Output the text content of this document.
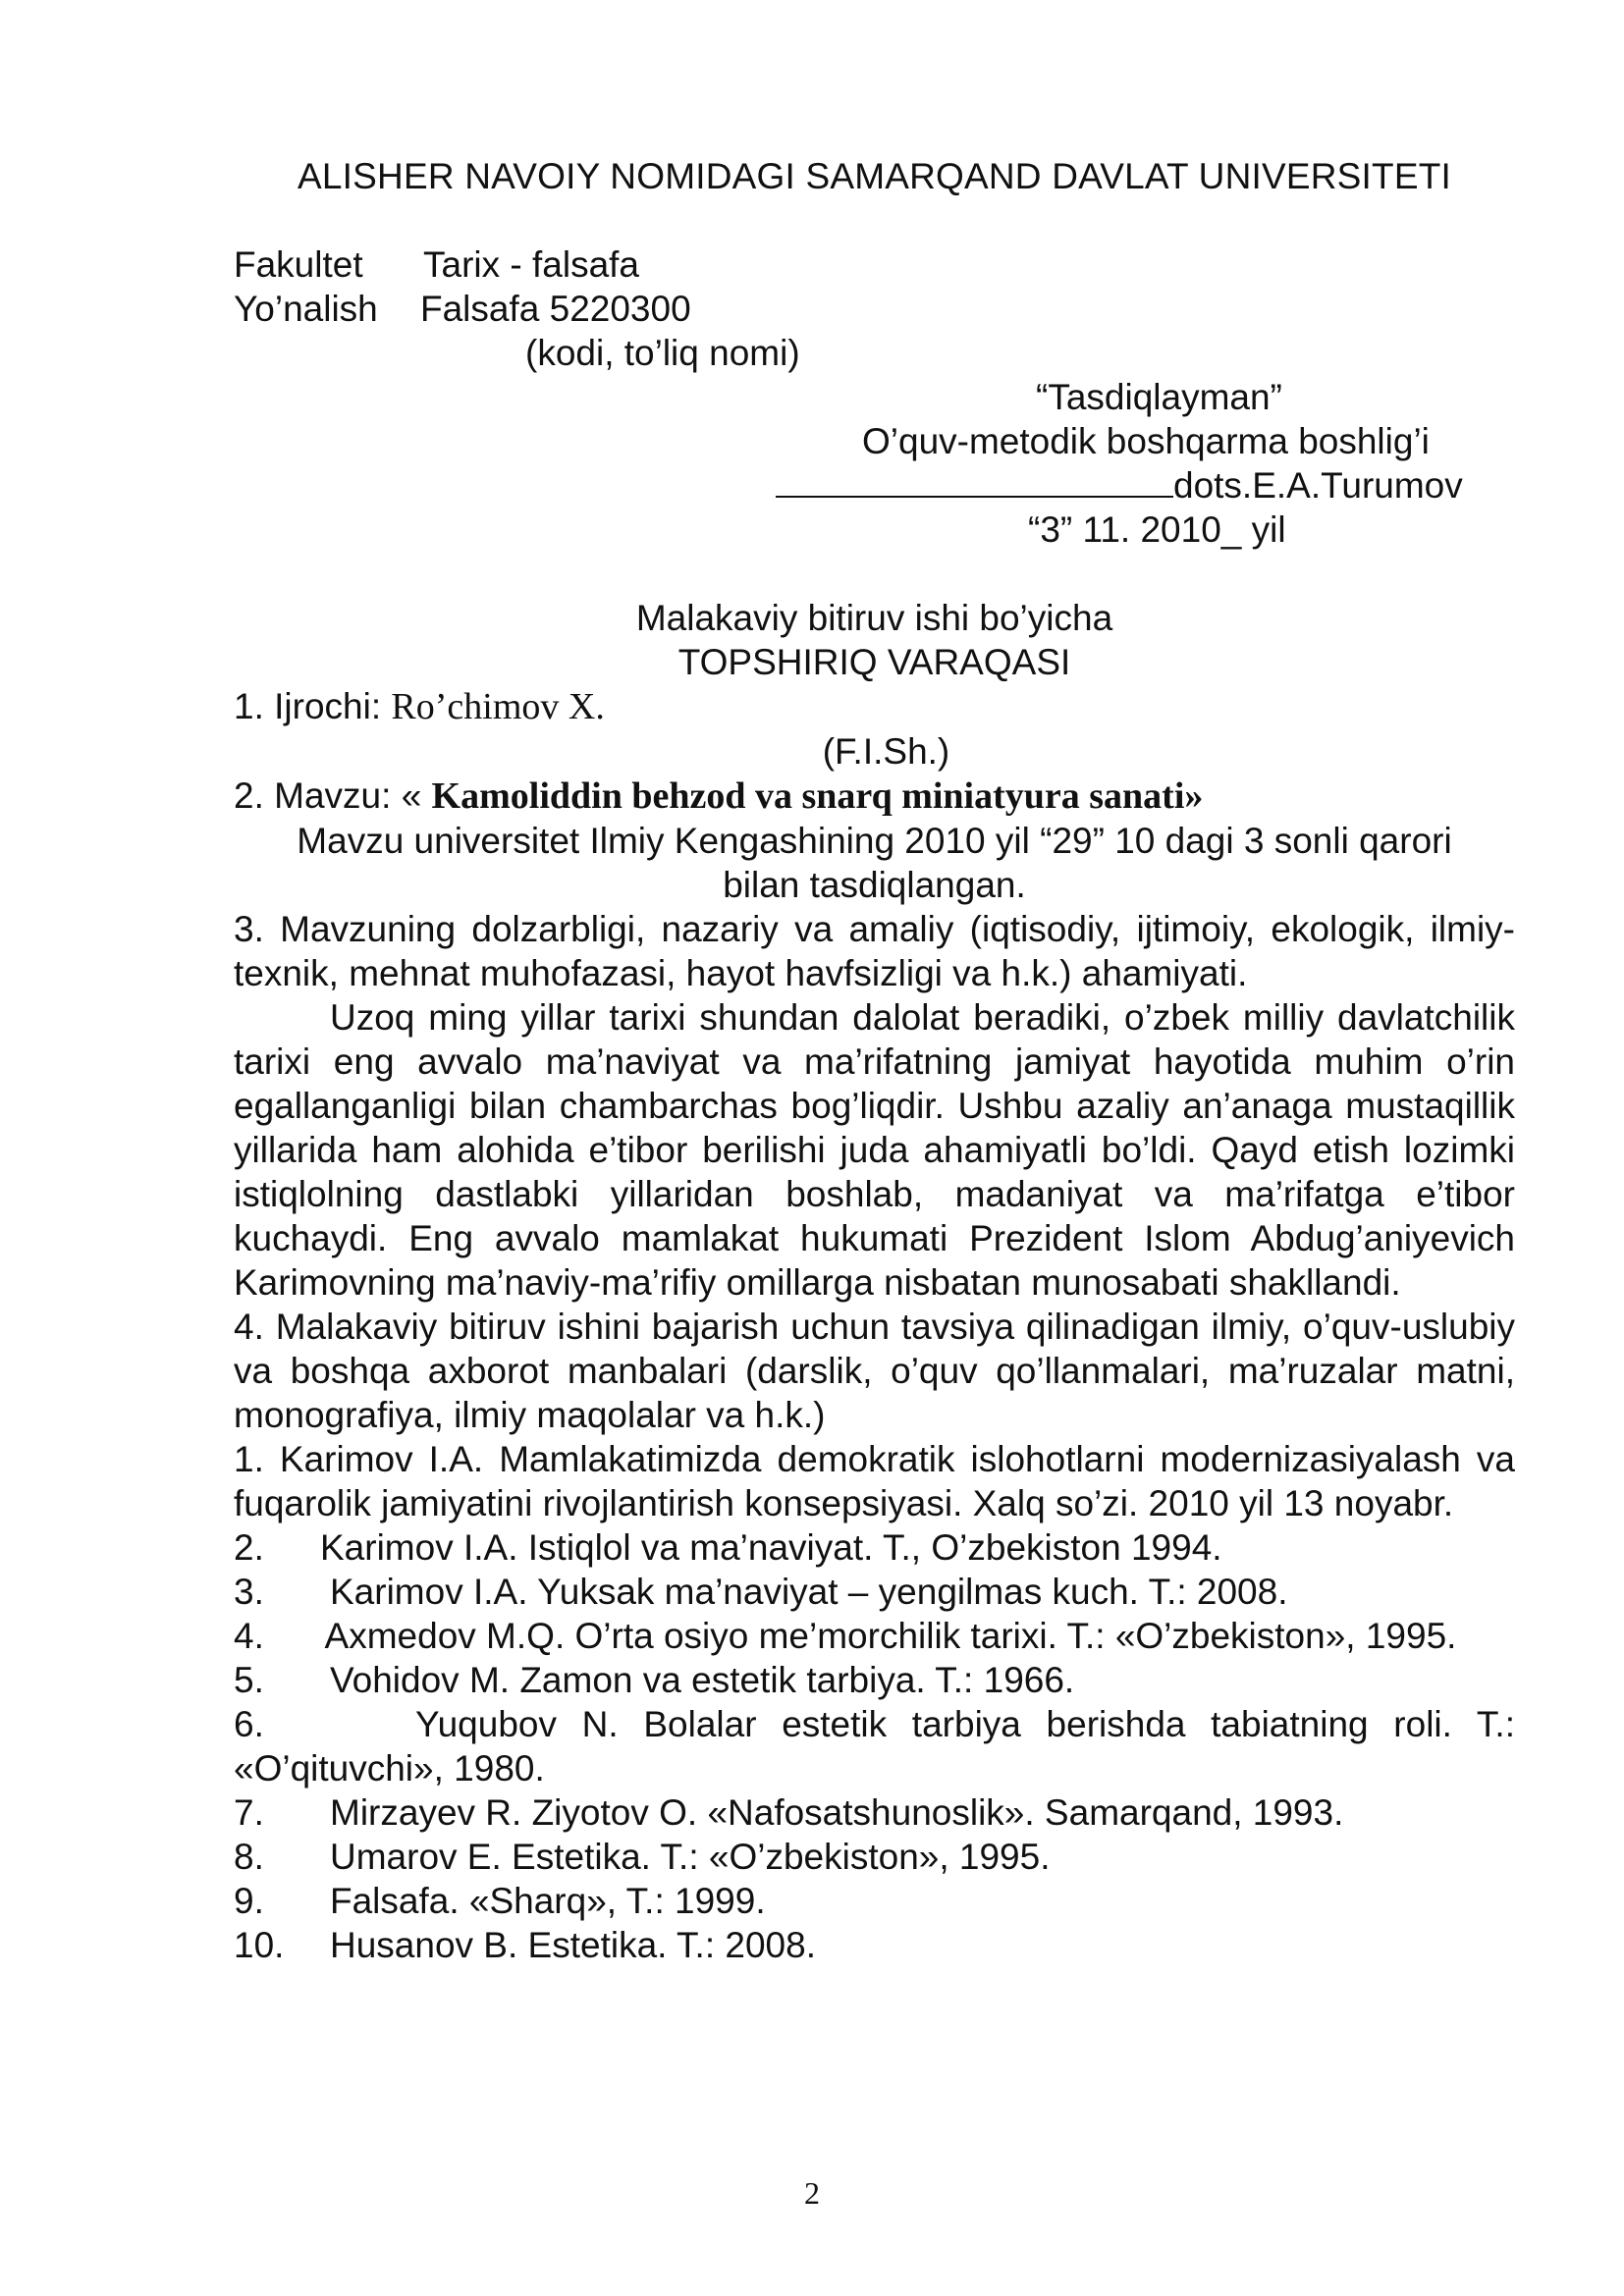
ALISHER NAVOIY NOMIDAGI SAMARQAND DAVLAT UNIVERSITETI

Fakultet	Tarix - falsafa
Yo’nalish	Falsafa 5220300
(kodi, to’liq nomi)
“Tasdiqlayman”
O’quv-metodik boshqarma boshlig’i
dots.E.A.Turumov
“3” 11. 2010_ yil
Malakaviy bitiruv ishi bo’yicha
TOPSHIRIQ VARAQASI
1. Ijrochi: Ro’chimov X.
(F.I.Sh.)
2. Mavzu: « Kamoliddin behzod va snarq miniatyura sanati»
Mavzu universitet Ilmiy Kengashining 2010 yil “29” 10 dagi 3 sonli qarori
bilan tasdiqlangan.

3. Mavzuning dolzarbligi, nazariy va amaliy (iqtisodiy, ijtimoiy, ekologik, ilmiy-texnik, mehnat muhofazasi, hayot havfsizligi va h.k.) ahamiyati.

Uzoq ming yillar tarixi shundan dalolat beradiki, o’zbek milliy davlatchilik tarixi eng avvalo ma’naviyat va ma’rifatning jamiyat hayotida muhim o’rin egallanganligi bilan chambarchas bog’liqdir. Ushbu azaliy an’anaga mustaqillik yillarida ham alohida e’tibor berilishi juda ahamiyatli bo’ldi. Qayd etish lozimki istiqlolning dastlabki yillaridan boshlab, madaniyat va ma’rifatga e’tibor kuchaydi. Eng avvalo mamlakat hukumati Prezident Islom Abdug’aniyevich Karimovning ma’naviy-ma’rifiy omillarga nisbatan munosabati shakllandi.

4. Malakaviy bitiruv ishini bajarish uchun tavsiya qilinadigan ilmiy, o’quv-uslubiy va boshqa axborot manbalari (darslik, o’quv qo’llanmalari, ma’ruzalar matni, monografiya, ilmiy maqolalar va h.k.)

1. Karimov I.A. Mamlakatimizda demokratik islohotlarni modernizasiyalash va fuqarolik jamiyatini rivojlantirish konsepsiyasi. Xalq so’zi. 2010 yil 13 noyabr.
2.	Karimov I.A. Istiqlol va ma’naviyat. T., O’zbekiston 1994.
3.	Karimov I.A. Yuksak ma’naviyat – yengilmas kuch. T.: 2008.

4. Axmedov M.Q. O’rta osiyo me’morchilik tarixi. T.: «O’zbekiston», 1995.

5.	Vohidov M. Zamon va estetik tarbiya. T.: 1966.

6.	Yuqubov N. Bolalar estetik tarbiya berishda tabiatning roli. T.: «O’qituvchi», 1980.

7.	Mirzayev R. Ziyotov O. «Nafosatshunoslik». Samarqand, 1993.
8.	Umarov E. Estetika. T.: «O’zbekiston», 1995.
9.	Falsafa. «Sharq», T.: 1999.
10.	Husanov B. Estetika. T.: 2008.
2
